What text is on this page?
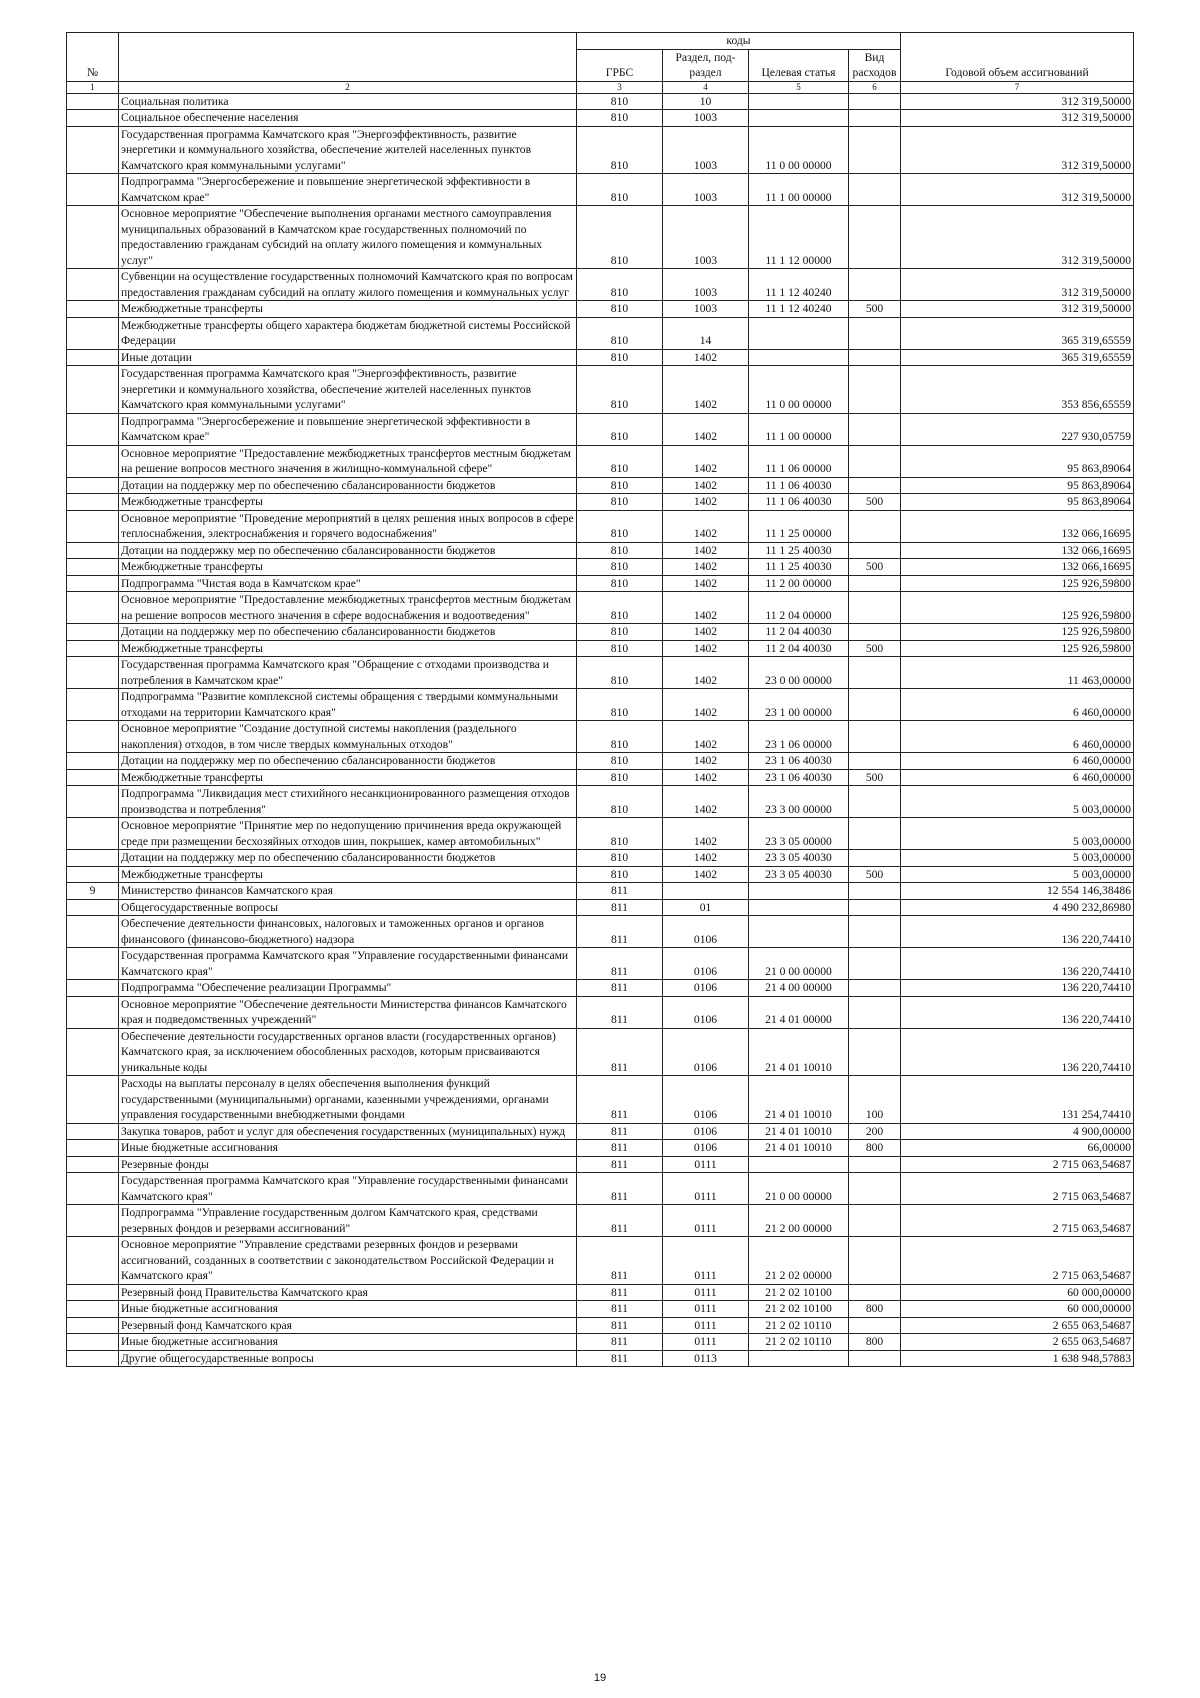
№		коды				Годовой объем ассигнований
		ГРБС	Раздел, под-раздел	Целевая статья	Вид расходов	
1	2	3	4	5	6	7
	Социальная политика	810	10			312 319,50000
	Социальное обеспечение населения	810	1003			312 319,50000
	Государственная программа Камчатского края "Энергоэффективность, развитие энергетики и коммунального хозяйства, обеспечение жителей населенных пунктов Камчатского края коммунальными услугами"	810	1003	11 0 00 00000		312 319,50000
	Подпрограмма "Энергосбережение и повышение энергетической эффективности в Камчатском крае"	810	1003	11 1 00 00000		312 319,50000
	Основное мероприятие "Обеспечение выполнения органами местного самоуправления муниципальных образований в Камчатском крае государственных полномочий по предоставлению гражданам субсидий на оплату жилого помещения и коммунальных услуг"	810	1003	11 1 12 00000		312 319,50000
	Субвенции на осуществление государственных полномочий Камчатского края по вопросам предоставления гражданам субсидий на оплату жилого помещения и коммунальных услуг	810	1003	11 1 12 40240		312 319,50000
	Межбюджетные трансферты	810	1003	11 1 12 40240	500	312 319,50000
	Межбюджетные трансферты общего характера бюджетам бюджетной системы Российской Федерации	810	14			365 319,65559
	Иные дотации	810	1402			365 319,65559
	Государственная программа Камчатского края "Энергоэффективность, развитие энергетики и коммунального хозяйства, обеспечение жителей населенных пунктов Камчатского края коммунальными услугами"	810	1402	11 0 00 00000		353 856,65559
	Подпрограмма "Энергосбережение и повышение энергетической эффективности в Камчатском крае"	810	1402	11 1 00 00000		227 930,05759
	Основное мероприятие "Предоставление межбюджетных трансфертов местным бюджетам на решение вопросов местного значения в жилищно-коммунальной сфере"	810	1402	11 1 06 00000		95 863,89064
	Дотации на поддержку мер по обеспечению сбалансированности бюджетов	810	1402	11 1 06 40030		95 863,89064
	Межбюджетные трансферты	810	1402	11 1 06 40030	500	95 863,89064
	Основное мероприятие "Проведение мероприятий в целях решения иных вопросов в сфере теплоснабжения, электроснабжения и горячего водоснабжения"	810	1402	11 1 25 00000		132 066,16695
	Дотации на поддержку мер по обеспечению сбалансированности бюджетов	810	1402	11 1 25 40030		132 066,16695
	Межбюджетные трансферты	810	1402	11 1 25 40030	500	132 066,16695
	Подпрограмма "Чистая вода в Камчатском крае"	810	1402	11 2 00 00000		125 926,59800
	Основное мероприятие "Предоставление межбюджетных трансфертов местным бюджетам на решение вопросов местного значения в сфере водоснабжения и водоотведения"	810	1402	11 2 04 00000		125 926,59800
	Дотации на поддержку мер по обеспечению сбалансированности бюджетов	810	1402	11 2 04 40030		125 926,59800
	Межбюджетные трансферты	810	1402	11 2 04 40030	500	125 926,59800
	Государственная программа Камчатского края "Обращение с отходами производства и потребления в Камчатском крае"	810	1402	23 0 00 00000		11 463,00000
	Подпрограмма "Развитие комплексной системы обращения с твердыми коммунальными отходами на территории Камчатского края"	810	1402	23 1 00 00000		6 460,00000
	Основное мероприятие "Создание доступной системы накопления (раздельного накопления) отходов, в том числе твердых коммунальных отходов"	810	1402	23 1 06 00000		6 460,00000
	Дотации на поддержку мер по обеспечению сбалансированности бюджетов	810	1402	23 1 06 40030		6 460,00000
	Межбюджетные трансферты	810	1402	23 1 06 40030	500	6 460,00000
	Подпрограмма "Ликвидация мест стихийного несанкционированного размещения отходов производства и потребления"	810	1402	23 3 00 00000		5 003,00000
	Основное мероприятие "Принятие мер по недопущению причинения вреда окружающей среде при размещении бесхозяйных отходов шин, покрышек, камер автомобильных"	810	1402	23 3 05 00000		5 003,00000
	Дотации на поддержку мер по обеспечению сбалансированности бюджетов	810	1402	23 3 05 40030		5 003,00000
	Межбюджетные трансферты	810	1402	23 3 05 40030	500	5 003,00000
9	Министерство финансов Камчатского края	811				12 554 146,38486
	Общегосударственные вопросы	811	01			4 490 232,86980
	Обеспечение деятельности финансовых, налоговых и таможенных органов и органов финансового (финансово-бюджетного) надзора	811	0106			136 220,74410
	Государственная программа Камчатского края "Управление государственными финансами Камчатского края"	811	0106	21 0 00 00000		136 220,74410
	Подпрограмма "Обеспечение реализации Программы"	811	0106	21 4 00 00000		136 220,74410
	Основное мероприятие "Обеспечение деятельности Министерства финансов Камчатского края и подведомственных учреждений"	811	0106	21 4 01 00000		136 220,74410
	Обеспечение деятельности государственных органов власти (государственных органов) Камчатского края, за исключением обособленных расходов, которым присваиваются уникальные коды	811	0106	21 4 01 10010		136 220,74410
	Расходы на выплаты персоналу в целях обеспечения выполнения функций государственными (муниципальными) органами, казенными учреждениями, органами управления государственными внебюджетными фондами	811	0106	21 4 01 10010	100	131 254,74410
	Закупка товаров, работ и услуг для обеспечения государственных (муниципальных) нужд	811	0106	21 4 01 10010	200	4 900,00000
	Иные бюджетные ассигнования	811	0106	21 4 01 10010	800	66,00000
	Резервные фонды	811	0111			2 715 063,54687
	Государственная программа Камчатского края "Управление государственными финансами Камчатского края"	811	0111	21 0 00 00000		2 715 063,54687
	Подпрограмма "Управление государственным долгом Камчатского края, средствами резервных фондов и резервами ассигнований"	811	0111	21 2 00 00000		2 715 063,54687
	Основное мероприятие "Управление средствами резервных фондов и резервами ассигнований, созданных в соответствии с законодательством Российской Федерации и Камчатского края"	811	0111	21 2 02 00000		2 715 063,54687
	Резервный фонд Правительства Камчатского края	811	0111	21 2 02 10100		60 000,00000
	Иные бюджетные ассигнования	811	0111	21 2 02 10100	800	60 000,00000
	Резервный фонд Камчатского края	811	0111	21 2 02 10110		2 655 063,54687
	Иные бюджетные ассигнования	811	0111	21 2 02 10110	800	2 655 063,54687
	Другие общегосударственные вопросы	811	0113			1 638 948,57883
19
